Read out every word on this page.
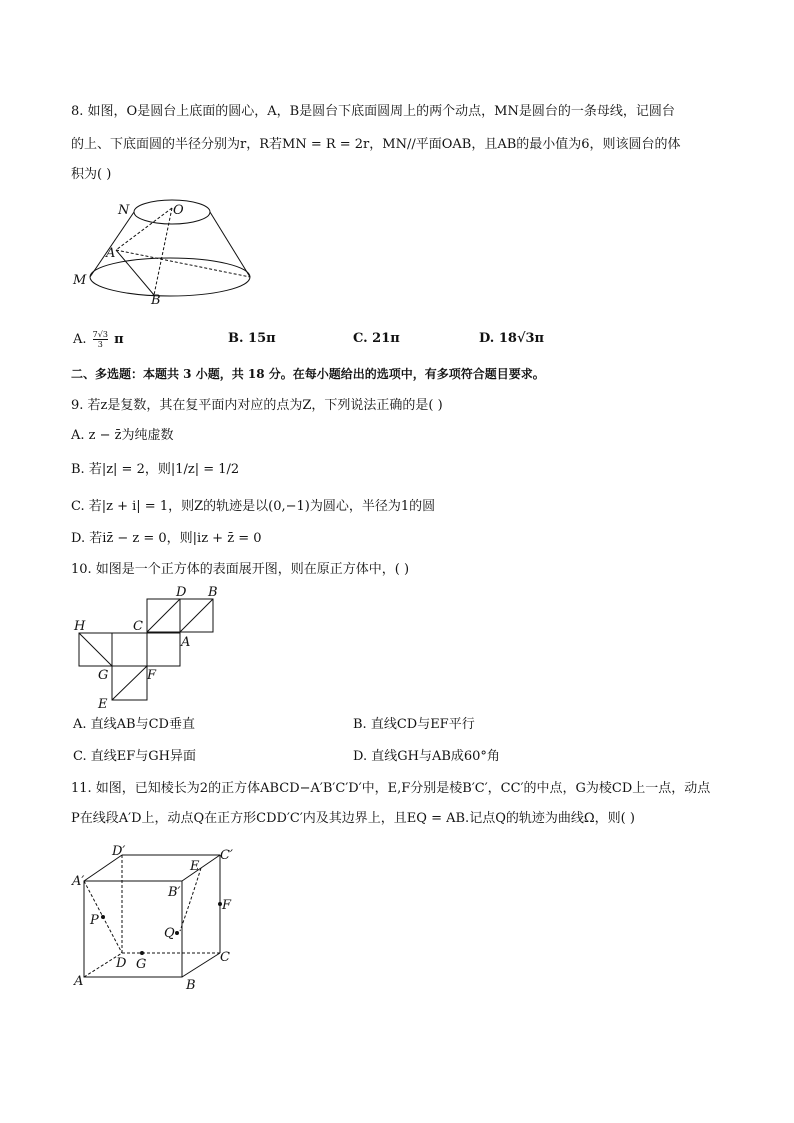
8. 如图，O是圆台上底面的圆心，A，B是圆台下底面圆周上的两个动点，MN是圆台的一条母线，记圆台
的上、下底面圆的半径分别为r，R若MN = R = 2r，MN//平面OAB，且AB的最小值为6，则该圆台的体
积为( )
N	O
A
M
B
A. $\frac{7√3}{3}$ π	B. 15π	C. 21π	D. 18√3π
二、多选题：本题共 3 小题，共 18 分。在每小题给出的选项中，有多项符合题目要求。
9. 若z是复数，其在复平面内对应的点为Z，下列说法正确的是( )
A. z − z̄为纯虚数
B. 若|z| = 2，则|1/z| = 1/2
C. 若|z + i| = 1，则Z的轨迹是以(0,−1)为圆心，半径为1的圆
D. 若iz̄ − z = 0，则|iz + z̄ = 0
10. 如图是一个正方体的表面展开图，则在原正方体中，( )
D B
H	C
A
G	F
E
A. 直线AB与CD垂直	B. 直线CD与EF平行
C. 直线EF与GH异面	D. 直线GH与AB成60°角
11. 如图，已知棱长为2的正方体ABCD−A′B′C′D′中，E,F分别是棱B′C′，CC′的中点，G为棱CD上一点，动点
P在线段A′D上，动点Q在正方形CDD′C′内及其边界上，且EQ = AB.记点Q的轨迹为曲线Ω，则( )
D′
E
C′
A′
B′
F
P
Q
D G	C
A	B
